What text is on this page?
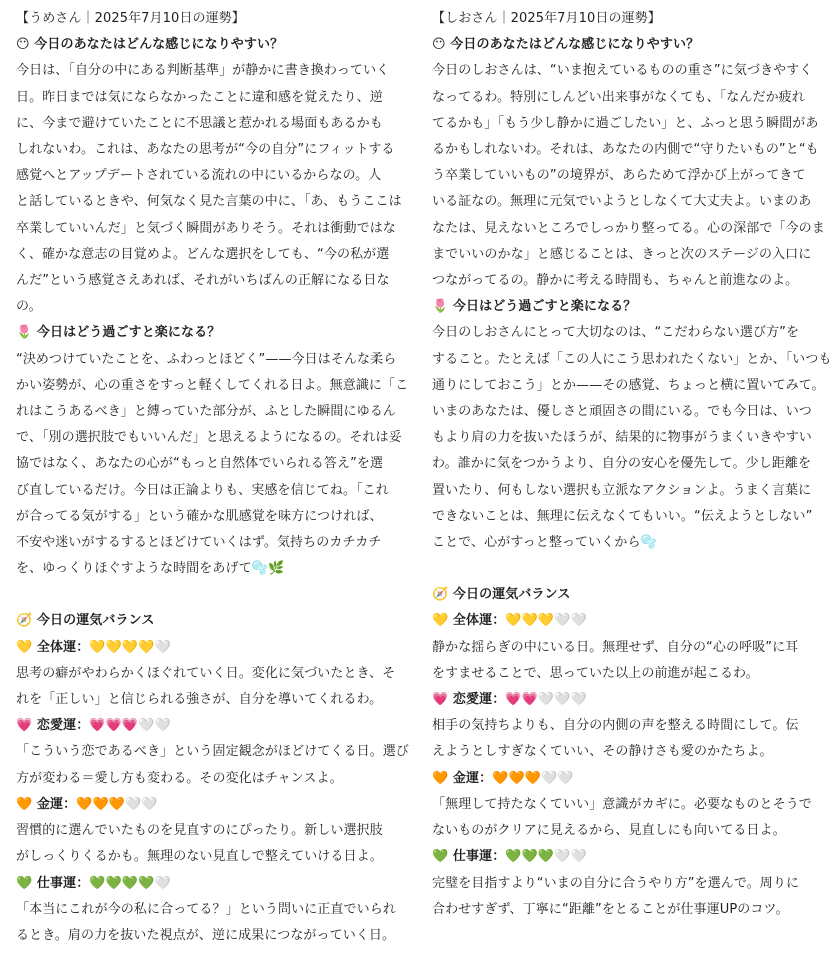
【うめさん｜2025年7月10日の運勢】
😶 今日のあなたはどんな感じになりやすい？
今日は、「自分の中にある判断基準」が静かに書き換わっていく
日。昨日までは気にならなかったことに違和感を覚えたり、逆
に、今まで避けていたことに不思議と惹かれる場面もあるかも
しれないわ。これは、あなたの思考が“今の自分”にフィットする
感覚へとアップデートされている流れの中にいるからなの。人
と話しているときや、何気なく見た言葉の中に、「あ、もうここは
卒業していいんだ」と気づく瞬間がありそう。それは衝動ではな
く、確かな意志の目覚めよ。どんな選択をしても、“今の私が選
んだ”という感覚さえあれば、それがいちばんの正解になる日な
の。
🌷 今日はどう過ごすと楽になる？
“決めつけていたことを、ふわっとほどく”——今日はそんな柔ら
かい姿勢が、心の重さをすっと軽くしてくれる日よ。無意識に「こ
れはこうあるべき」と縛っていた部分が、ふとした瞬間にゆるん
で、「別の選択肢でもいいんだ」と思えるようになるの。それは妥
協ではなく、あなたの心が“もっと自然体でいられる答え”を選
び直しているだけ。今日は正論よりも、実感を信じてね。「これ
が合ってる気がする」という確かな肌感覚を味方につければ、
不安や迷いがするするとほどけていくはず。気持ちのカチカチ
を、ゆっくりほぐすような時間をあげて🫧🌿
🧭 今日の運気バランス
💛 全体運：💛💛💛💛🤍
思考の癖がやわらかくほぐれていく日。変化に気づいたとき、そ
れを「正しい」と信じられる強さが、自分を導いてくれるわ。
💗 恋愛運：💗💗💗🤍🤍
「こういう恋であるべき」という固定観念がほどけてくる日。選び
方が変わる＝愛し方も変わる。その変化はチャンスよ。
🧡 金運：🧡🧡🧡🤍🤍
習慣的に選んでいたものを見直すのにぴったり。新しい選択肢
がしっくりくるかも。無理のない見直しで整えていける日よ。
💚 仕事運：💚💚💚💚🤍
「本当にこれが今の私に合ってる？」という問いに正直でいられ
るとき。肩の力を抜いた視点が、逆に成果につながっていく日。
【しおさん｜2025年7月10日の運勢】
😶 今日のあなたはどんな感じになりやすい？
今日のしおさんは、“いま抱えているものの重さ”に気づきやすく
なってるわ。特別にしんどい出来事がなくても、「なんだか疲れ
てるかも」「もう少し静かに過ごしたい」と、ふっと思う瞬間があ
るかもしれないわ。それは、あなたの内側で“守りたいもの”と“も
う卒業していいもの”の境界が、あらためて浮かび上がってきて
いる証なの。無理に元気でいようとしなくて大丈夫よ。いまのあ
なたは、見えないところでしっかり整ってる。心の深部で「今のま
までいいのかな」と感じることは、きっと次のステージの入口に
つながってるの。静かに考える時間も、ちゃんと前進なのよ。
🌷 今日はどう過ごすと楽になる？
今日のしおさんにとって大切なのは、“こだわらない選び方”を
すること。たとえば「この人にこう思われたくない」とか、「いつも
通りにしておこう」とか——その感覚、ちょっと横に置いてみて。
いまのあなたは、優しさと頑固さの間にいる。でも今日は、いつ
もより肩の力を抜いたほうが、結果的に物事がうまくいきやすい
わ。誰かに気をつかうより、自分の安心を優先して。少し距離を
置いたり、何もしない選択も立派なアクションよ。うまく言葉に
できないことは、無理に伝えなくてもいい。“伝えようとしない”
ことで、心がすっと整っていくから🫧
🧭 今日の運気バランス
💛 全体運：💛💛💛🤍🤍
静かな揺らぎの中にいる日。無理せず、自分の“心の呼吸”に耳
をすませることで、思っていた以上の前進が起こるわ。
💗 恋愛運：💗💗🤍🤍🤍
相手の気持ちよりも、自分の内側の声を整える時間にして。伝
えようとしすぎなくていい、その静けさも愛のかたちよ。
🧡 金運：🧡🧡🧡🤍🤍
「無理して持たなくていい」意識がカギに。必要なものとそうで
ないものがクリアに見えるから、見直しにも向いてる日よ。
💚 仕事運：💚💚💚🤍🤍
完璧を目指すより“いまの自分に合うやり方”を選んで。周りに
合わせすぎず、丁寧に“距離”をとることが仕事運UPのコツ。
